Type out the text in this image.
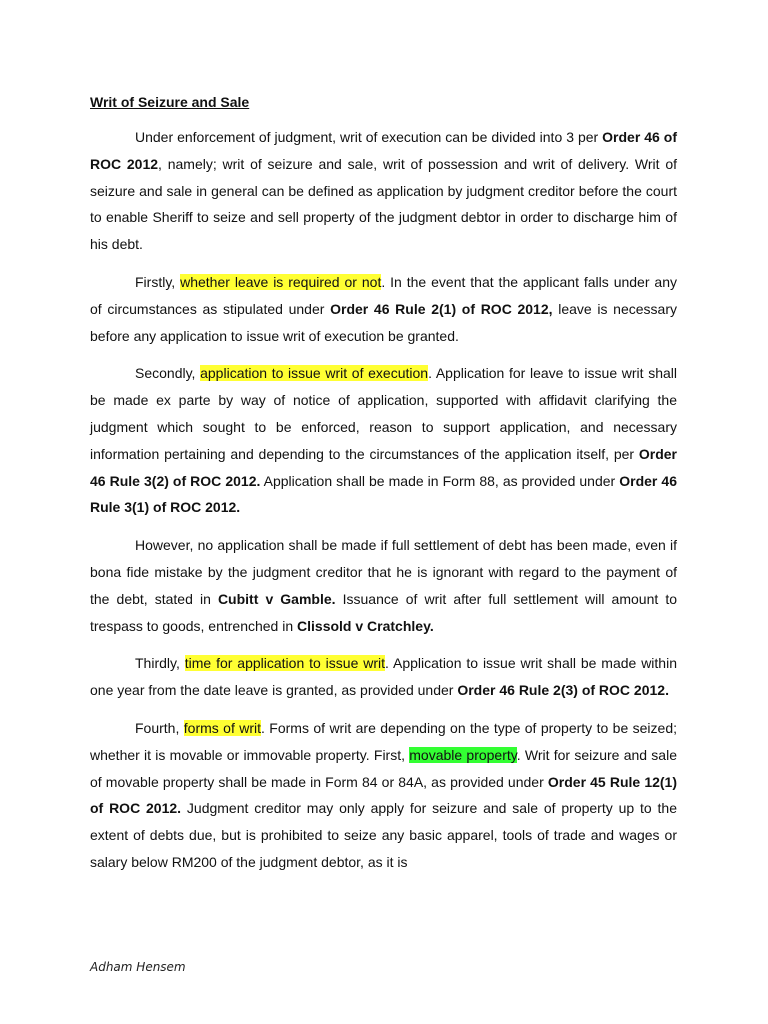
Writ of Seizure and Sale

Under enforcement of judgment, writ of execution can be divided into 3 per Order 46 of ROC 2012, namely; writ of seizure and sale, writ of possession and writ of delivery. Writ of seizure and sale in general can be defined as application by judgment creditor before the court to enable Sheriff to seize and sell property of the judgment debtor in order to discharge him of his debt.

Firstly, whether leave is required or not. In the event that the applicant falls under any of circumstances as stipulated under Order 46 Rule 2(1) of ROC 2012, leave is necessary before any application to issue writ of execution be granted.

Secondly, application to issue writ of execution. Application for leave to issue writ shall be made ex parte by way of notice of application, supported with affidavit clarifying the judgment which sought to be enforced, reason to support application, and necessary information pertaining and depending to the circumstances of the application itself, per Order 46 Rule 3(2) of ROC 2012. Application shall be made in Form 88, as provided under Order 46 Rule 3(1) of ROC 2012.

However, no application shall be made if full settlement of debt has been made, even if bona fide mistake by the judgment creditor that he is ignorant with regard to the payment of the debt, stated in Cubitt v Gamble. Issuance of writ after full settlement will amount to trespass to goods, entrenched in Clissold v Cratchley.

Thirdly, time for application to issue writ. Application to issue writ shall be made within one year from the date leave is granted, as provided under Order 46 Rule 2(3) of ROC 2012.

Fourth, forms of writ. Forms of writ are depending on the type of property to be seized; whether it is movable or immovable property. First, movable property. Writ for seizure and sale of movable property shall be made in Form 84 or 84A, as provided under Order 45 Rule 12(1) of ROC 2012. Judgment creditor may only apply for seizure and sale of property up to the extent of debts due, but is prohibited to seize any basic apparel, tools of trade and wages or salary below RM200 of the judgment debtor, as it is

Adham Hensem
